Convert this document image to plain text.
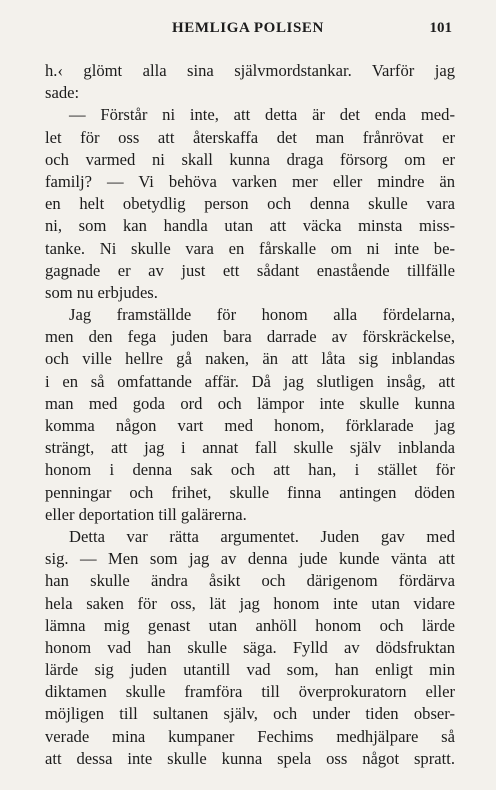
HEMLIGA POLISEN	101
h.‹ glömt alla sina självmordstankar. Varför jag
sade:
— Förstår ni inte, att detta är det enda med-
let för oss att återskaffa det man frånrövat er
och varmed ni skall kunna draga försorg om er
familj? — Vi behöva varken mer eller mindre än
en helt obetydlig person och denna skulle vara
ni, som kan handla utan att väcka minsta miss-
tanke. Ni skulle vara en fårskalle om ni inte be-
gagnade er av just ett sådant enastående tillfälle
som nu erbjudes.
Jag framställde för honom alla fördelarna,
men den fega juden bara darrade av förskräckelse,
och ville hellre gå naken, än att låta sig inblandas
i en så omfattande affär. Då jag slutligen insåg, att
man med goda ord och lämpor inte skulle kunna
komma någon vart med honom, förklarade jag
strängt, att jag i annat fall skulle själv inblanda
honom i denna sak och att han, i stället för
penningar och frihet, skulle finna antingen döden
eller deportation till galärerna.
Detta var rätta argumentet. Juden gav med
sig. — Men som jag av denna jude kunde vänta att
han skulle ändra åsikt och därigenom fördärva
hela saken för oss, lät jag honom inte utan vidare
lämna mig genast utan anhöll honom och lärde
honom vad han skulle säga. Fylld av dödsfruktan
lärde sig juden utantill vad som, han enligt min
diktamen skulle framföra till överprokuratorn eller
möjligen till sultanen själv, och under tiden obser-
verade mina kumpaner Fechims medhjälpare så
att dessa inte skulle kunna spela oss något spratt.
